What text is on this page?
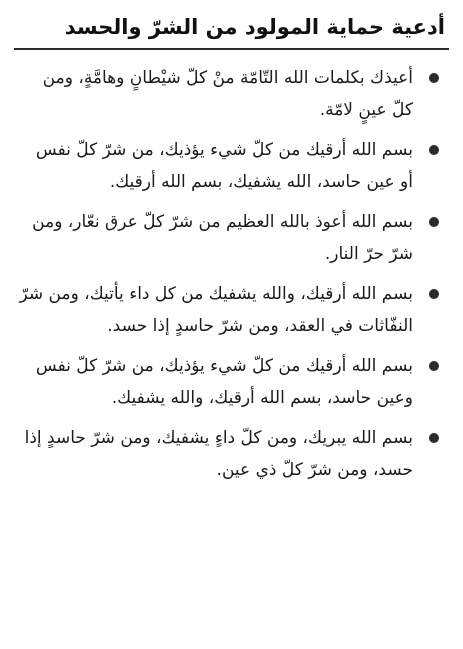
أدعية حماية المولود من الشرّ والحسد
أعيذك بكلمات الله التّامّة منْ كلّ شيْطانٍ وهامَّةٍ، ومن كلّ عينٍ لامّة.
بسم الله أرقيك من كلّ شيء يؤذيك، من شرّ كلّ نفس أو عين حاسد، الله يشفيك، بسم الله أرقيك.
بسم الله أعوذ بالله العظيم من شرّ كلّ عرق نعّار، ومن شرّ حرّ النار.
بسم الله أرقيك، والله يشفيك من كل داء يأتيك، ومن شرّ النفّاثات في العقد، ومن شرّ حاسدٍ إذا حسد.
بسم الله أرقيك من كلّ شيء يؤذيك، من شرّ كلّ نفس وعين حاسد، بسم الله أرقيك، والله يشفيك.
بسم الله يبريك، ومن كلّ داءٍ يشفيك، ومن شرّ حاسدٍ إذا حسد، ومن شرّ كلّ ذي عين.
